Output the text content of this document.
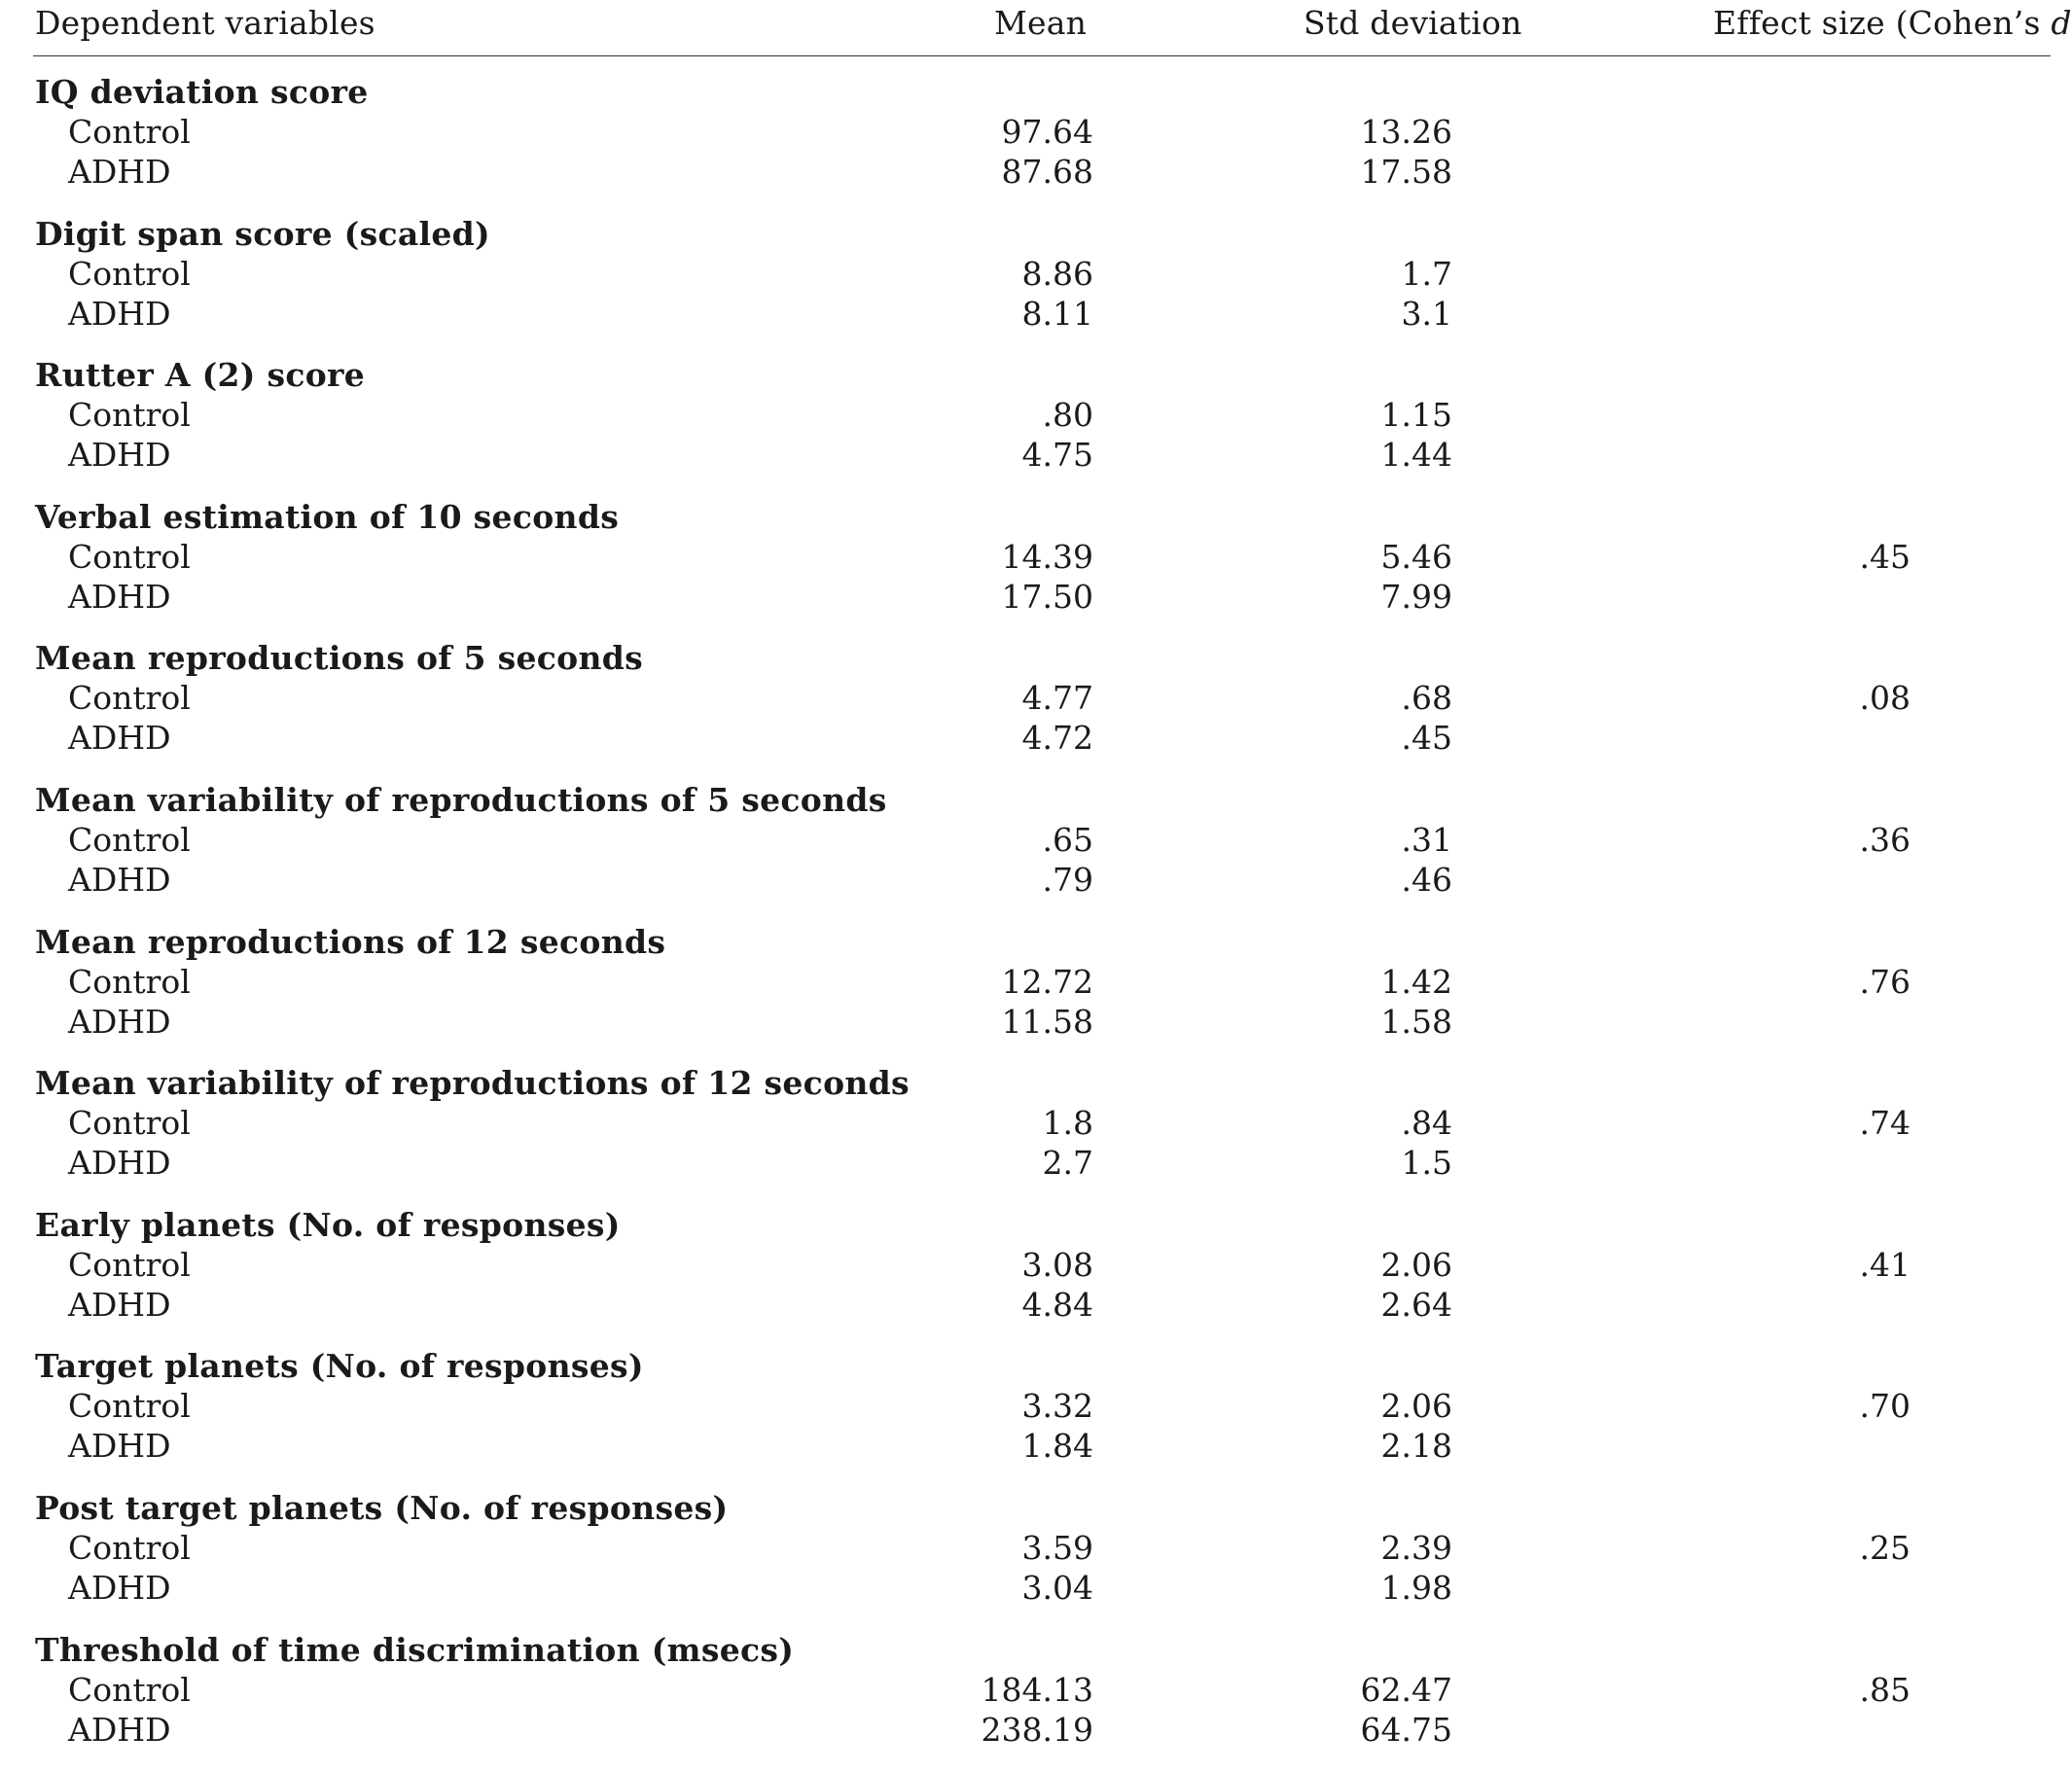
Dependent variables	Mean	Std deviation	Effect size (Cohen’s d
IQ deviation score
Control	97.64	13.26
ADHD	87.68	17.58
Digit span score (scaled)
Control	8.86	1.7
ADHD	8.11	3.1
Rutter A (2) score
Control	.80	1.15
ADHD	4.75	1.44
Verbal estimation of 10 seconds
Control	14.39	5.46	.45
ADHD	17.50	7.99
Mean reproductions of 5 seconds
Control	4.77	.68	.08
ADHD	4.72	.45
Mean variability of reproductions of 5 seconds
Control	.65	.31	.36
ADHD	.79	.46
Mean reproductions of 12 seconds
Control	12.72	1.42	.76
ADHD	11.58	1.58
Mean variability of reproductions of 12 seconds
Control	1.8	.84	.74
ADHD	2.7	1.5
Early planets (No. of responses)
Control	3.08	2.06	.41
ADHD	4.84	2.64
Target planets (No. of responses)
Control	3.32	2.06	.70
ADHD	1.84	2.18
Post target planets (No. of responses)
Control	3.59	2.39	.25
ADHD	3.04	1.98
Threshold of time discrimination (msecs)
Control	184.13	62.47	.85
ADHD	238.19	64.75
